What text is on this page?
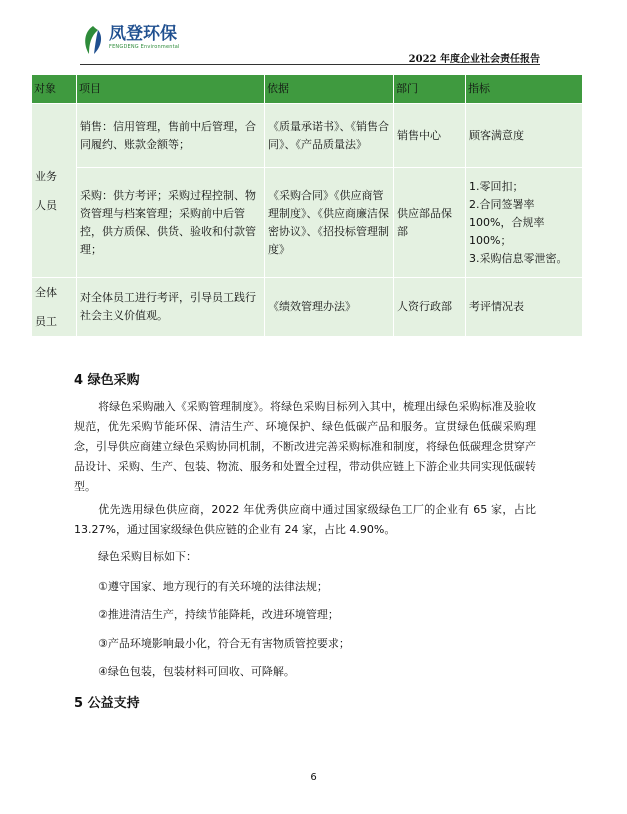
凤登环保
FENGDENG Environmental
2022 年度企业社会责任报告
对象	项目	依据	部门	指标

业务
人员	销售：信用管理，售前中后管理，合同履约、账款金额等；	《质量承诺书》、《销售合同》、《产品质量法》	销售中心	顾客满意度

	采购：供方考评；采购过程控制、物资管理与档案管理；采购前中后管控，供方质保、供货、验收和付款管理；	《采购合同》《供应商管理制度》、《供应商廉洁保密协议》、《招投标管理制度》	供应部品保部	1.零回扣；
2.合同签署率 100%，合规率 100%；
3.采购信息零泄密。

全体
员工	对全体员工进行考评，引导员工践行社会主义价值观。	《绩效管理办法》	人资行政部	考评情况表
4 绿色采购
将绿色采购融入《采购管理制度》。将绿色采购目标列入其中，梳理出绿色采购标准及验收规范，优先采购节能环保、清洁生产、环境保护、绿色低碳产品和服务。宣贯绿色低碳采购理念，引导供应商建立绿色采购协同机制，不断改进完善采购标准和制度，将绿色低碳理念贯穿产品设计、采购、生产、包装、物流、服务和处置全过程，带动供应链上下游企业共同实现低碳转型。
优先选用绿色供应商，2022 年优秀供应商中通过国家级绿色工厂的企业有 65 家，占比 13.27%，通过国家级绿色供应链的企业有 24 家，占比 4.90%。
绿色采购目标如下：
①遵守国家、地方现行的有关环境的法律法规；
②推进清洁生产，持续节能降耗，改进环境管理；
③产品环境影响最小化，符合无有害物质管控要求；
④绿色包装，包装材料可回收、可降解。
5 公益支持
6
